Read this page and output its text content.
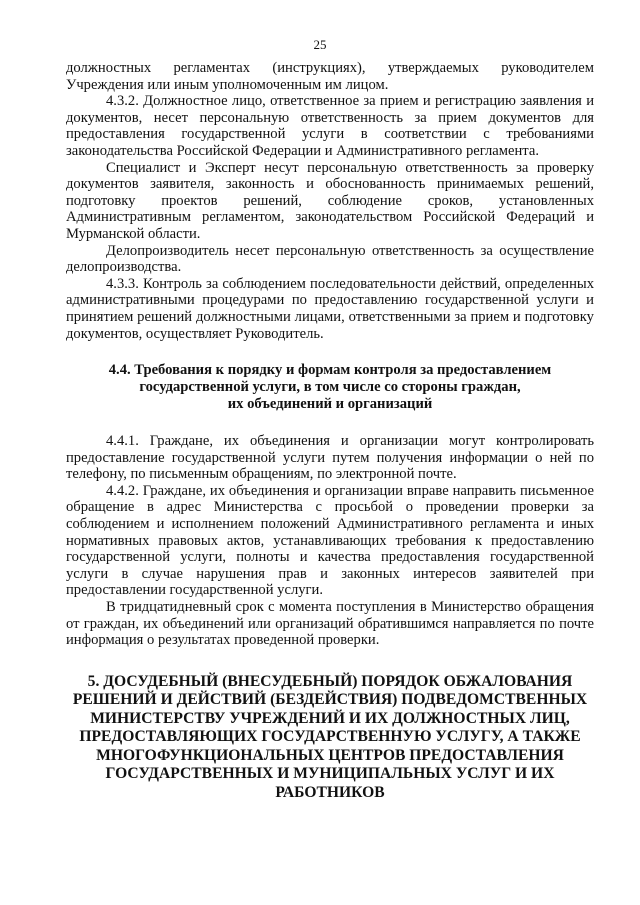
25

должностных регламентах (инструкциях), утверждаемых руководителем Учреждения или иным уполномоченным им лицом.

4.3.2. Должностное лицо, ответственное за прием и регистрацию заявления и документов, несет персональную ответственность за прием документов для предоставления государственной услуги в соответствии с требованиями законодательства Российской Федерации и Административного регламента.

Специалист и Эксперт несут персональную ответственность за проверку документов заявителя, законность и обоснованность принимаемых решений, подготовку проектов решений, соблюдение сроков, установленных Административным регламентом, законодательством Российской Федераций и Мурманской области.

Делопроизводитель несет персональную ответственность за осуществление делопроизводства.

4.3.3. Контроль за соблюдением последовательности действий, определенных административными процедурами по предоставлению государственной услуги и принятием решений должностными лицами, ответственными за прием и подготовку документов, осуществляет Руководитель.

4.4. Требования к порядку и формам контроля за предоставлением
государственной услуги, в том числе со стороны граждан,
их объединений и организаций

4.4.1. Граждане, их объединения и организации могут контролировать предоставление государственной услуги путем получения информации о ней по телефону, по письменным обращениям, по электронной почте.

4.4.2. Граждане, их объединения и организации вправе направить письменное обращение в адрес Министерства с просьбой о проведении проверки за соблюдением и исполнением положений Административного регламента и иных нормативных правовых актов, устанавливающих требования к предоставлению государственной услуги, полноты и качества предоставления государственной услуги в случае нарушения прав и законных интересов заявителей при предоставлении государственной услуги.

В тридцатидневный срок с момента поступления в Министерство обращения от граждан, их объединений или организаций обратившимся направляется по почте информация о результатах проведенной проверки.

5. ДОСУДЕБНЫЙ (ВНЕСУДЕБНЫЙ) ПОРЯДОК ОБЖАЛОВАНИЯ
РЕШЕНИЙ И ДЕЙСТВИЙ (БЕЗДЕЙСТВИЯ) ПОДВЕДОМСТВЕННЫХ
МИНИСТЕРСТВУ УЧРЕЖДЕНИЙ И ИХ ДОЛЖНОСТНЫХ ЛИЦ,
ПРЕДОСТАВЛЯЮЩИХ ГОСУДАРСТВЕННУЮ УСЛУГУ, А ТАКЖЕ
МНОГОФУНКЦИОНАЛЬНЫХ ЦЕНТРОВ ПРЕДОСТАВЛЕНИЯ
ГОСУДАРСТВЕННЫХ И МУНИЦИПАЛЬНЫХ УСЛУГ И ИХ
РАБОТНИКОВ
